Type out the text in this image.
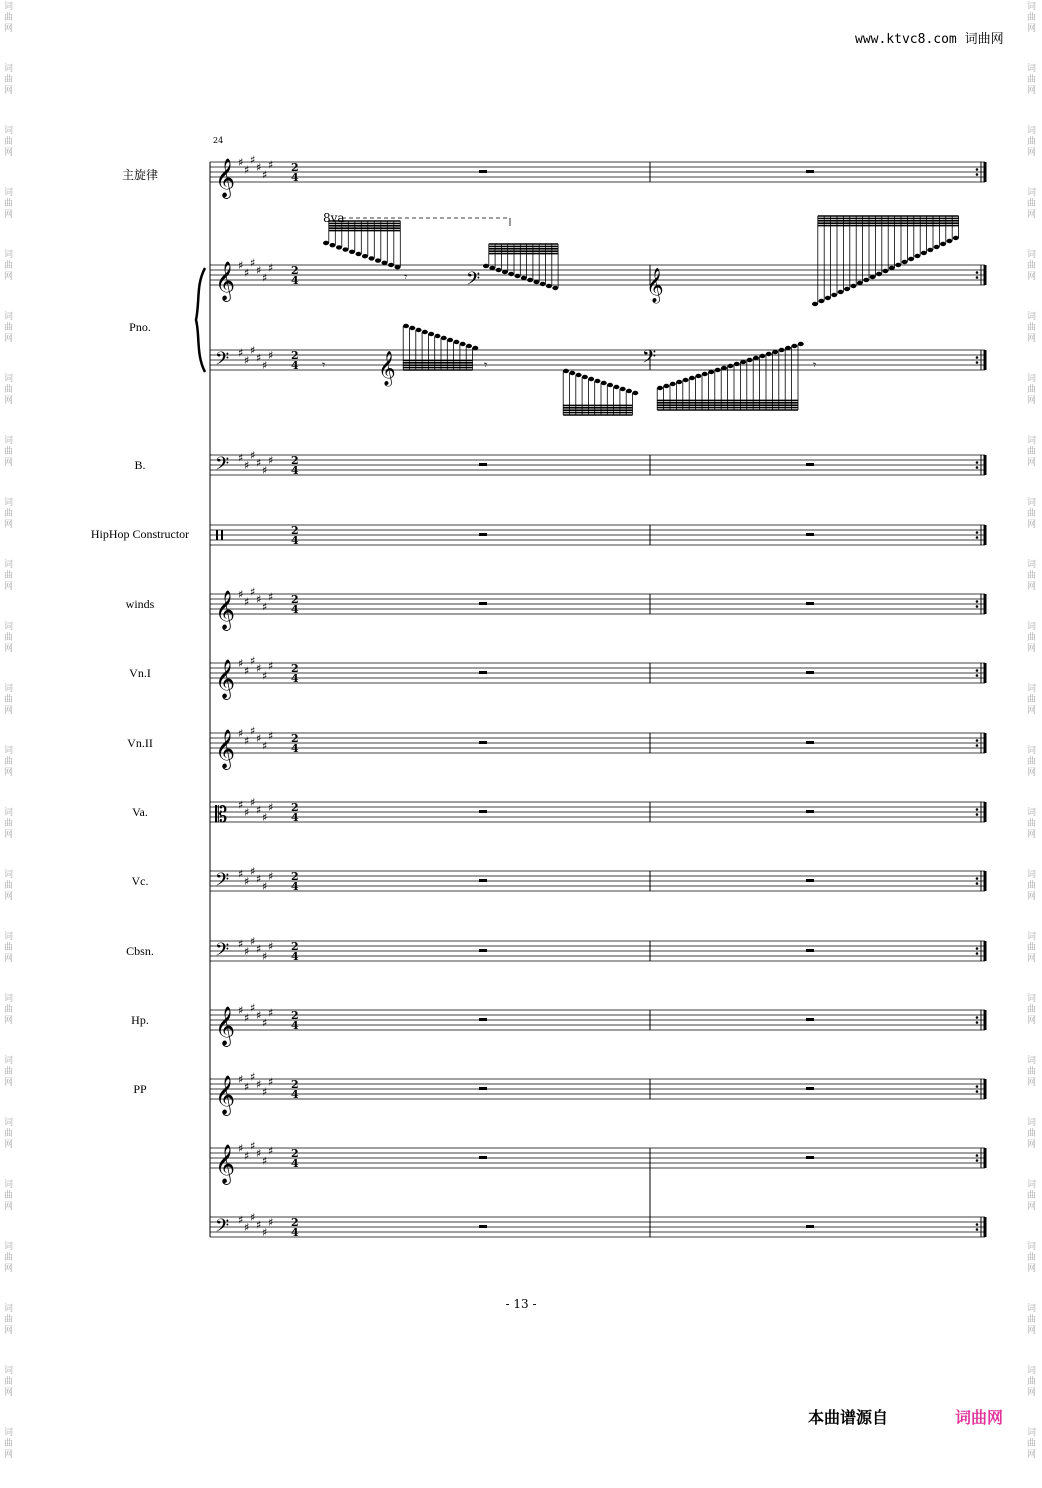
www.ktvc8.com 词曲网
词
曲
网
词
曲
网
词
曲
网
词
曲
网
词
曲
网
词
曲
网
词
曲
网
词
曲
网
词
曲
网
词
曲
网
词
曲
网
词
曲
网
词
曲
网
词
曲
网
词
曲
网
词
曲
网
词
曲
网
词
曲
网
词
曲
网
词
曲
网
词
曲
网
词
曲
网
词
曲
网
词
曲
网
词
曲
网
词
曲
网
词
曲
网
词
曲
网
词
曲
网
词
曲
网
词
曲
网
词
曲
网
词
曲
网
词
曲
网
词
曲
网
词
曲
网
词
曲
网
词
曲
网
词
曲
网
词
曲
网
词
曲
网
词
曲
网
词
曲
网
词
曲
网
词
曲
网
词
曲
网
词
曲
网
词
曲
网
24
主旋律
Pno.
B.
HipHop Constructor
winds
Vn.I
Vn.II
Va.
Vc.
Cbsn.
Hp.
PP
𝄞 ♯
♯
♯
♯
♯
♯ 2
4
𝄞 ♯
♯
♯
♯
♯
♯ 2
4
𝄢 ♯
♯
♯
♯
♯
♯ 2
4
𝄢 ♯
♯
♯
♯
♯
♯ 2
4
2
4
𝄞 ♯
♯
♯
♯
♯
♯ 2
4
𝄞 ♯
♯
♯
♯
♯
♯ 2
4
𝄞 ♯
♯
♯
♯
♯
♯ 2
4
𝄡 ♯
♯
♯
♯
♯
♯ 2
4
𝄢 ♯
♯
♯
♯
♯
♯ 2
4
𝄢 ♯
♯
♯
♯
♯
♯ 2
4
𝄞 ♯
♯
♯
♯
♯
♯ 2
4
𝄞 ♯
♯
♯
♯
♯
♯ 2
4
𝄞 ♯
♯
♯
♯
♯
♯ 2
4
𝄢 ♯
♯
♯
♯
♯
♯ 2
4
8va
𝄢	𝄞
𝄞	𝄢
𝄾
𝄾	𝄾	𝄾
- 13 -
本曲谱源自	词曲网
